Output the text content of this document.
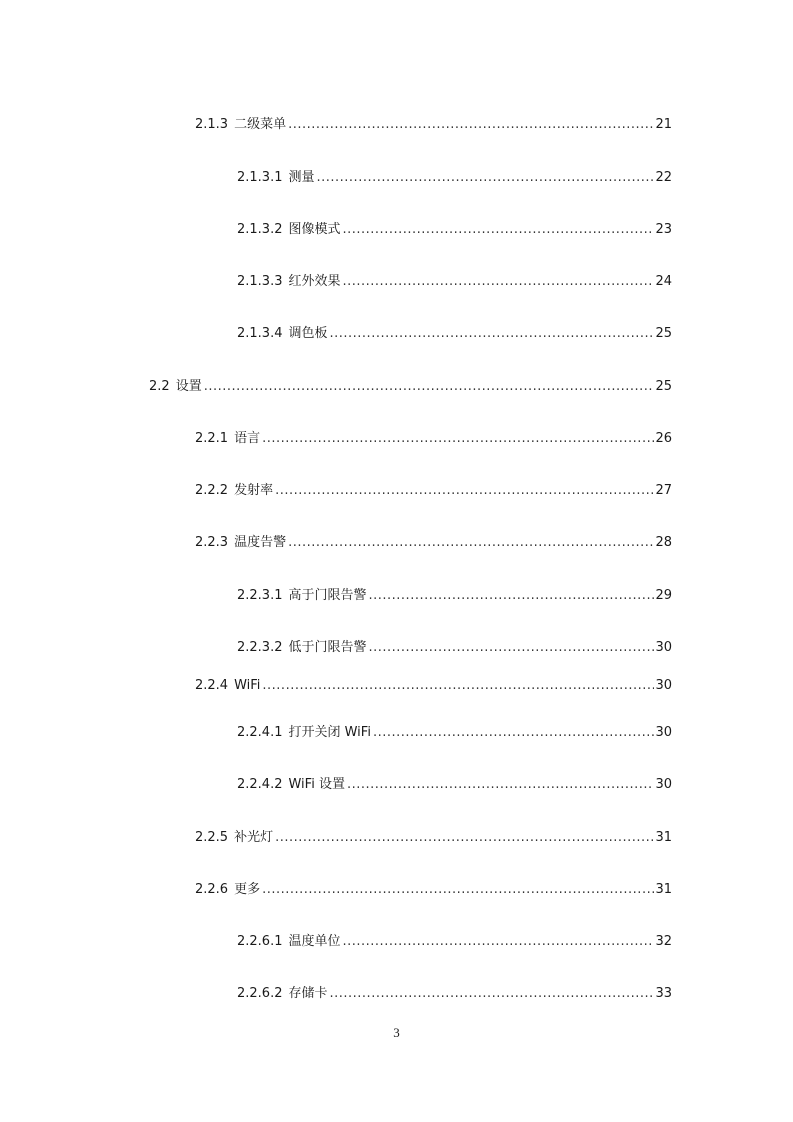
2.1.3 二级菜单 .....	21
2.1.3.1 测量 .....	22
2.1.3.2 图像模式 .....	23
2.1.3.3 红外效果 .....	24
2.1.3.4 调色板 .....	25
2.2 设置 .....	25
2.2.1 语言 .....	26
2.2.2 发射率 .....	27
2.2.3 温度告警 .....	28
2.2.3.1 高于门限告警 .....	29
2.2.3.2 低于门限告警 .....	30
2.2.4 WiFi .....	30
2.2.4.1 打开关闭 WiFi .....	30
2.2.4.2 WiFi 设置 .....	30
2.2.5 补光灯 .....	31
2.2.6 更多 .....	31
2.2.6.1 温度单位 .....	32
2.2.6.2 存储卡 .....	33
3
